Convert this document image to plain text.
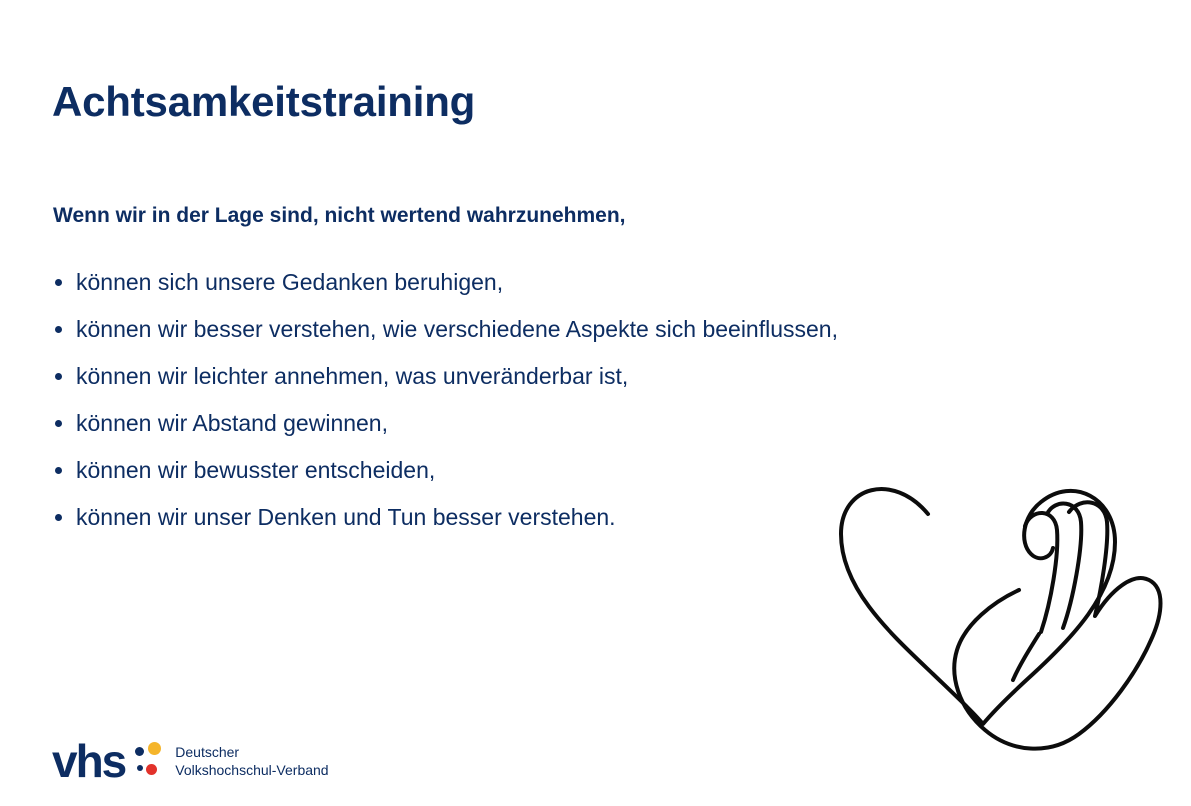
Achtsamkeitstraining

Wenn wir in der Lage sind, nicht wertend wahrzunehmen,

können sich unsere Gedanken beruhigen,
können wir besser verstehen, wie verschiedene Aspekte sich beeinflussen,
können wir leichter annehmen, was unveränderbar ist,
können wir Abstand gewinnen,
können wir bewusster entscheiden,
können wir unser Denken und Tun besser verstehen.
vhs	Deutscher
Volkshochschul-Verband
